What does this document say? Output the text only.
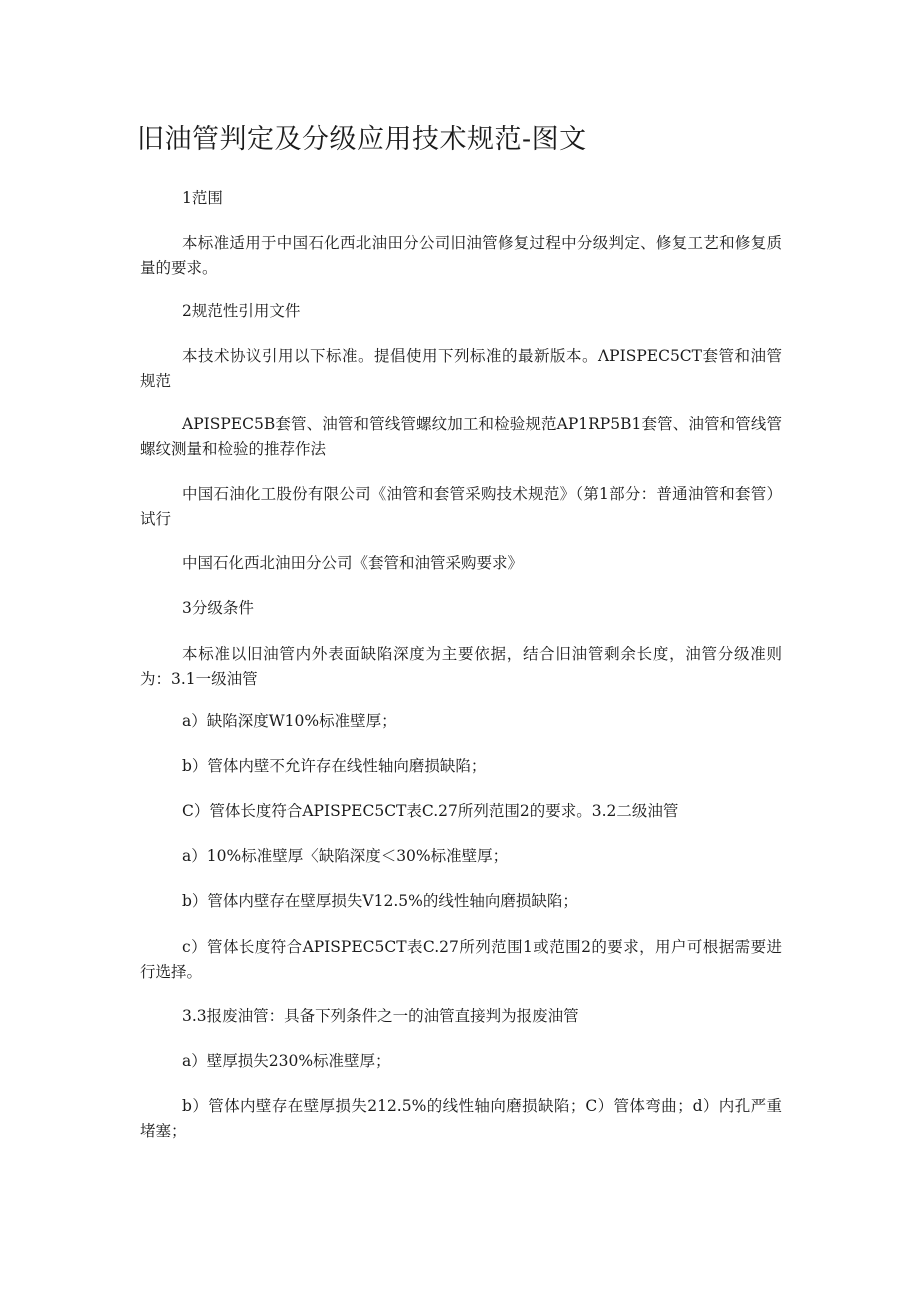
旧油管判定及分级应用技术规范-图文

1范围

本标准适用于中国石化西北油田分公司旧油管修复过程中分级判定、修复工艺和修复质量的要求。

2规范性引用文件

本技术协议引用以下标准。提倡使用下列标准的最新版本。ΛPISPEC5CT套管和油管规范

APISPEC5B套管、油管和管线管螺纹加工和检验规范AP1RP5B1套管、油管和管线管螺纹测量和检验的推荐作法

中国石油化工股份有限公司《油管和套管采购技术规范》（第1部分：普通油管和套管）试行

中国石化西北油田分公司《套管和油管采购要求》

3分级条件

本标准以旧油管内外表面缺陷深度为主要依据，结合旧油管剩余长度，油管分级准则为：3.1一级油管

a）缺陷深度W10%标准壁厚；

b）管体内壁不允许存在线性轴向磨损缺陷；

C）管体长度符合APISPEC5CT表C.27所列范围2的要求。3.2二级油管

a）10%标准壁厚〈缺陷深度＜30%标准壁厚；

b）管体内壁存在壁厚损失V12.5%的线性轴向磨损缺陷；

c）管体长度符合APISPEC5CT表C.27所列范围1或范围2的要求，用户可根据需要进行选择。

3.3报废油管：具备下列条件之一的油管直接判为报废油管

a）壁厚损失230%标准壁厚；

b）管体内壁存在壁厚损失212.5%的线性轴向磨损缺陷；C）管体弯曲；d）内孔严重堵塞；
